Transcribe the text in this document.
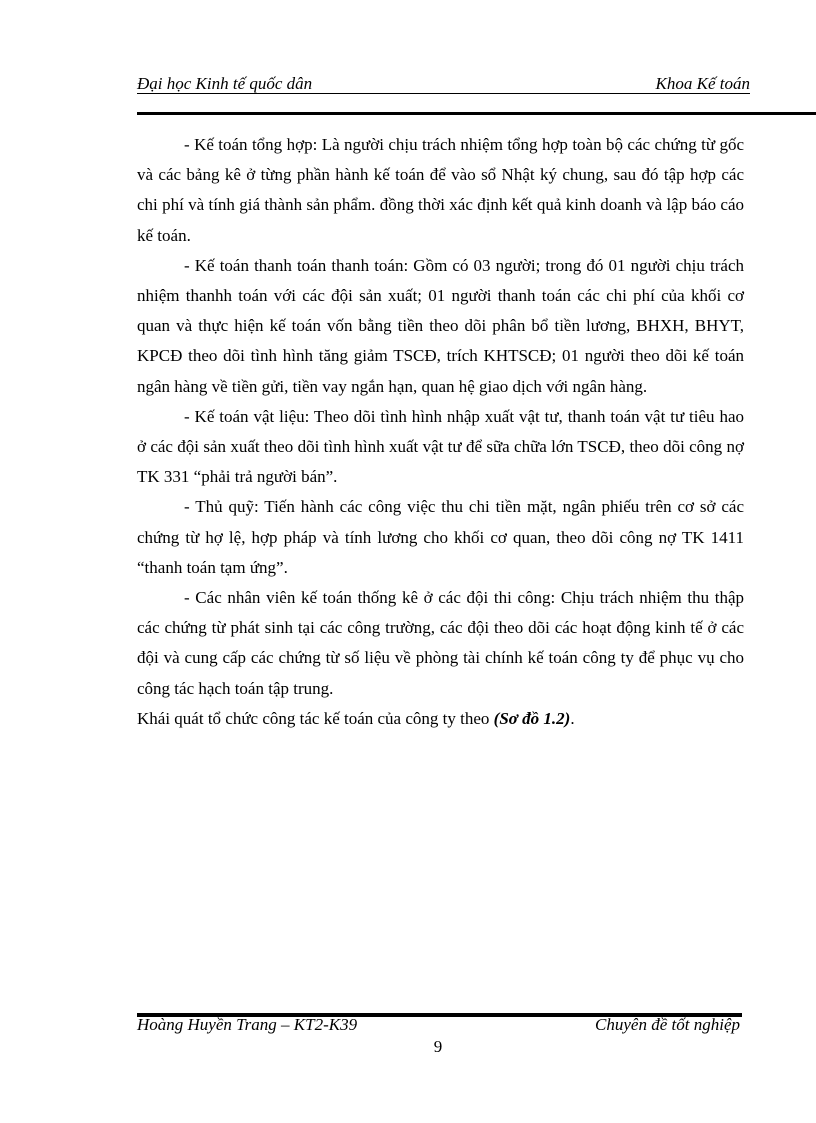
Đại học Kinh tế quốc dân	Khoa Kế toán

- Kế toán tổng hợp: Là người chịu trách nhiệm tổng hợp toàn bộ các chứng từ gốc và các bảng kê ở từng phần hành kế toán để vào sổ Nhật ký chung, sau đó tập hợp các chi phí và tính giá thành sản phẩm. đồng thời xác định kết quả kinh doanh và lập báo cáo kế toán.

- Kế toán thanh toán thanh toán: Gồm có 03 người; trong đó 01 người chịu trách nhiệm thanhh toán với các đội sản xuất; 01 người thanh toán các chi phí của khối cơ quan và thực hiện kế toán vốn bằng tiền theo dõi phân bổ tiền lương, BHXH, BHYT, KPCĐ theo dõi tình hình tăng giảm TSCĐ, trích KHTSCĐ; 01 người theo dõi kế toán ngân hàng về tiền gửi, tiền vay ngắn hạn, quan hệ giao dịch với ngân hàng.

- Kế toán vật liệu: Theo dõi tình hình nhập xuất vật tư, thanh toán vật tư tiêu hao ở các đội sản xuất theo dõi tình hình xuất vật tư để sữa chữa lớn TSCĐ, theo dõi công nợ TK 331 “phải trả người bán”.

- Thủ quỹ: Tiến hành các công việc thu chi tiền mặt, ngân phiếu trên cơ sở các chứng từ hợ lệ, hợp pháp và tính lương cho khối cơ quan, theo dõi công nợ TK 1411 “thanh toán tạm ứng”.

- Các nhân viên kế toán thống kê ở các đội thi công: Chịu trách nhiệm thu thập các chứng từ phát sinh tại các công trường, các đội theo dõi các hoạt động kinh tế ở các đội và cung cấp các chứng từ số liệu về phòng tài chính kế toán công ty để phục vụ cho công tác hạch toán tập trung.

Khái quát tổ chức công tác kế toán của công ty theo (Sơ đồ 1.2).

Hoàng Huyền Trang – KT2-K39	Chuyên đề tốt nghiệp
9
